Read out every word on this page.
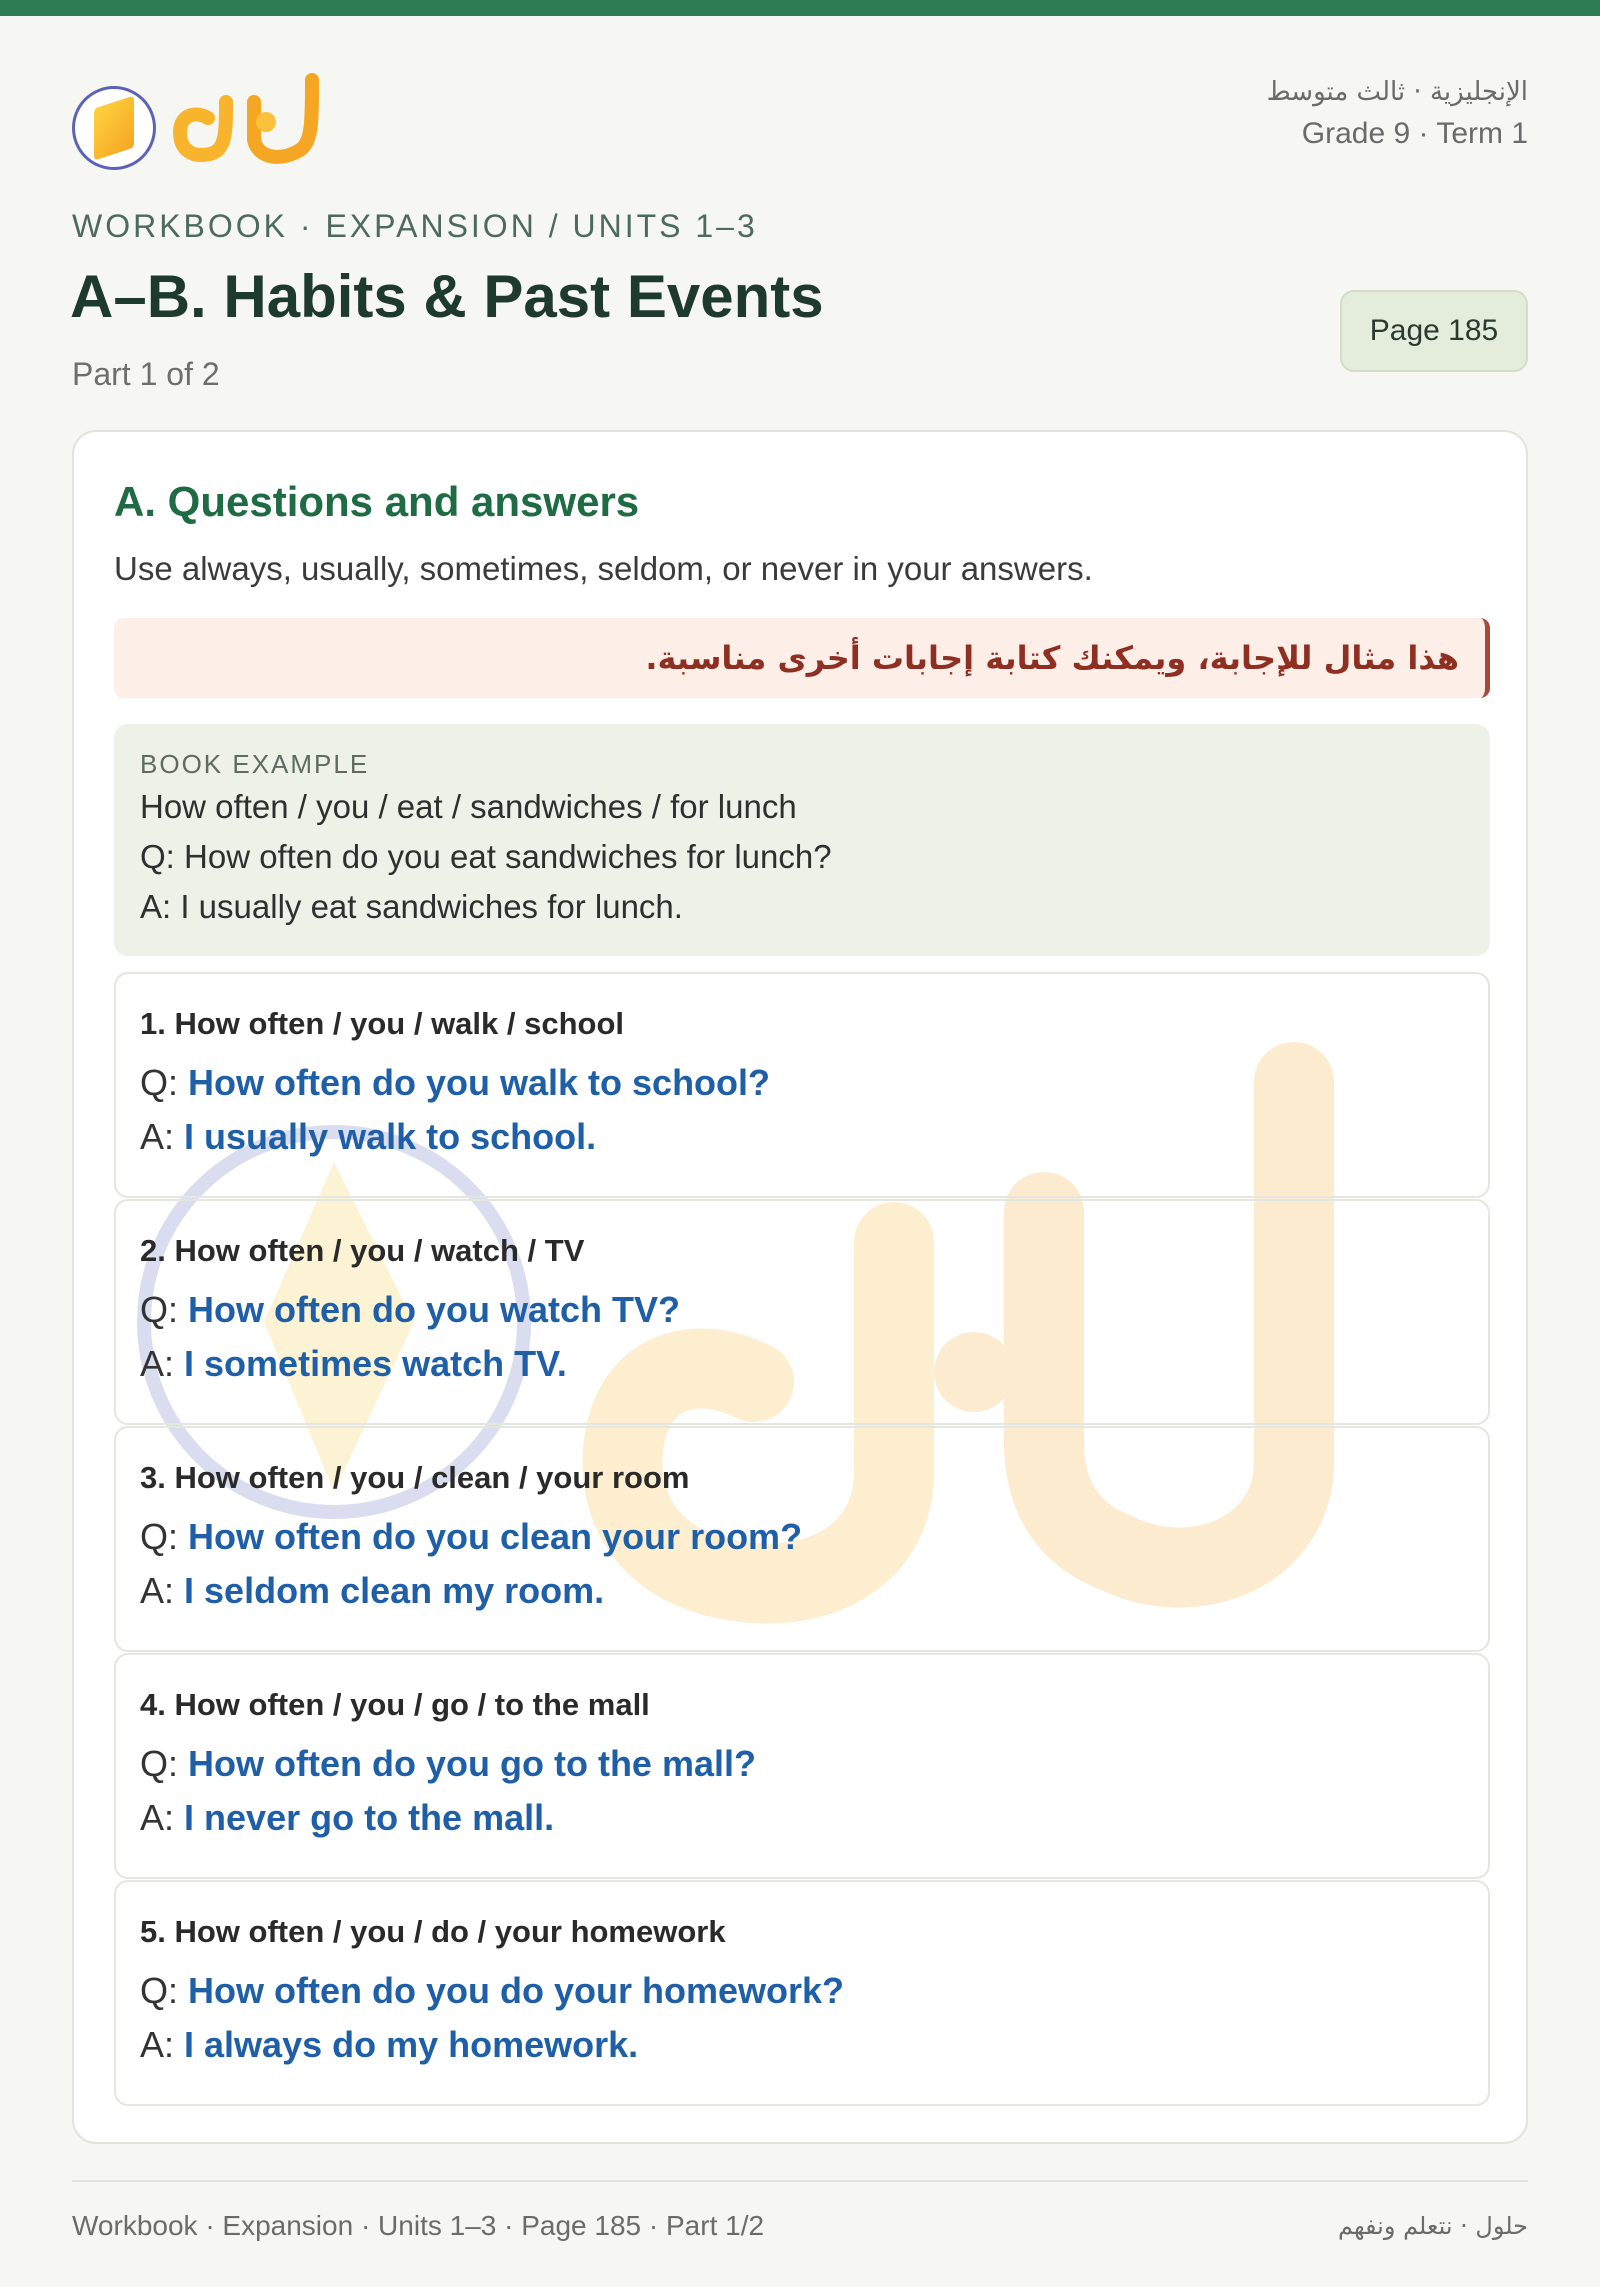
الإنجليزية · ثالث متوسط
Grade 9 · Term 1
WORKBOOK · EXPANSION / UNITS 1–3
A–B. Habits & Past Events
Part 1 of 2
Page 185
A. Questions and answers
Use always, usually, sometimes, seldom, or never in your answers.
هذا مثال للإجابة، ويمكنك كتابة إجابات أخرى مناسبة.
BOOK EXAMPLE
How often / you / eat / sandwiches / for lunch
Q: How often do you eat sandwiches for lunch?
A: I usually eat sandwiches for lunch.
1. How often / you / walk / school
Q: How often do you walk to school?
A: I usually walk to school.
2. How often / you / watch / TV
Q: How often do you watch TV?
A: I sometimes watch TV.
3. How often / you / clean / your room
Q: How often do you clean your room?
A: I seldom clean my room.
4. How often / you / go / to the mall
Q: How often do you go to the mall?
A: I never go to the mall.
5. How often / you / do / your homework
Q: How often do you do your homework?
A: I always do my homework.
Workbook · Expansion · Units 1–3 · Page 185 · Part 1/2	حلول · نتعلم ونفهم
